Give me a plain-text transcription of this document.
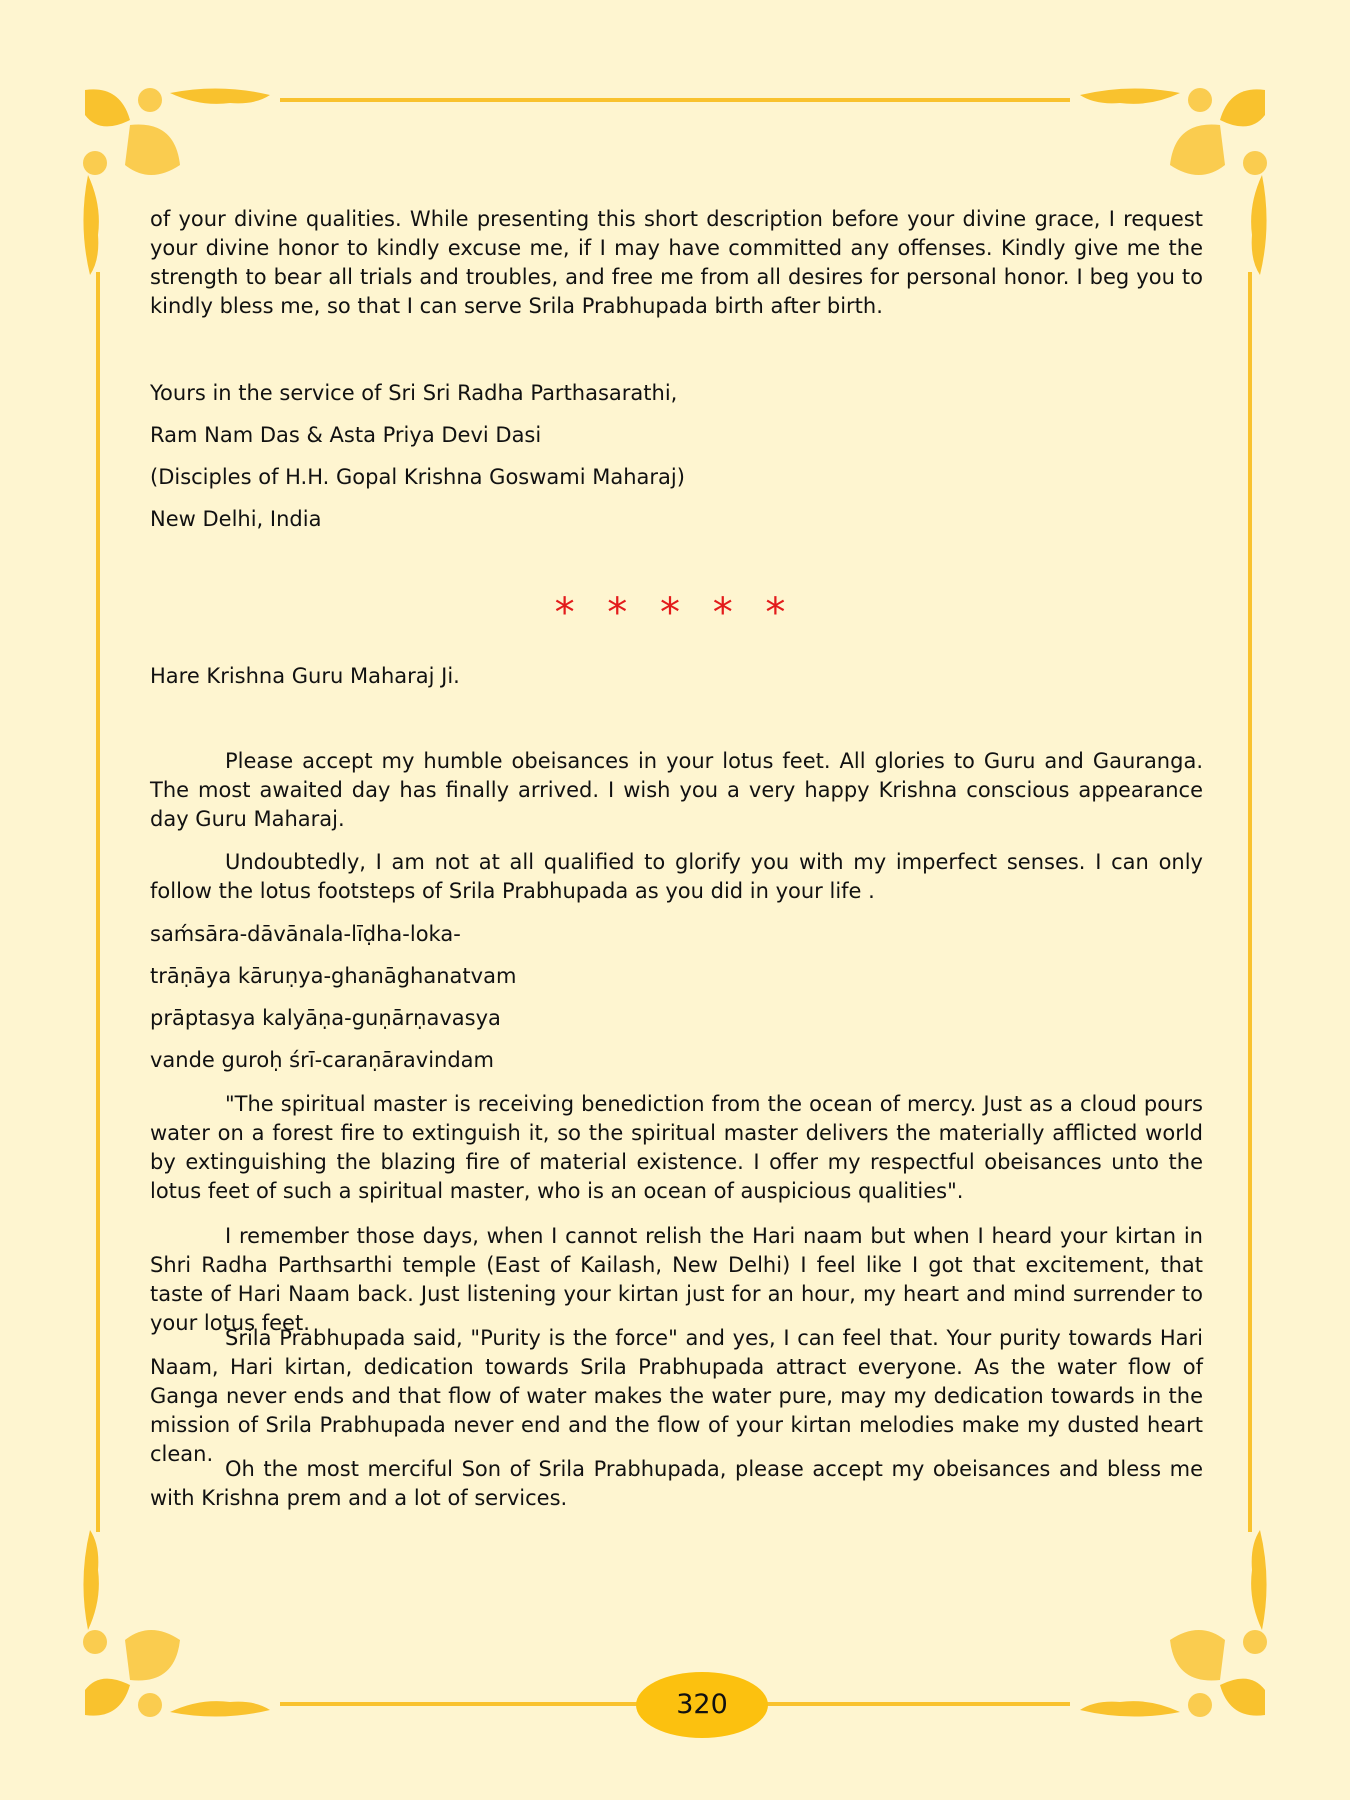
of your divine qualities. While presenting this short description before your divine grace, I request your divine honor to kindly excuse me, if I may have committed any offenses. Kindly give me the strength to bear all trials and troubles, and free me from all desires for personal honor. I beg you to kindly bless me, so that I can serve Srila Prabhupada birth after birth.
Yours in the service of Sri Sri Radha Parthasarathi,
Ram Nam Das & Asta Priya Devi Dasi
(Disciples of H.H. Gopal Krishna Goswami Maharaj)
New Delhi, India
* * * * *
Hare Krishna Guru Maharaj Ji.
Please accept my humble obeisances in your lotus feet. All glories to Guru and Gauranga. The most awaited day has finally arrived. I wish you a very happy Krishna conscious appearance day Guru Maharaj.
Undoubtedly, I am not at all qualified to glorify you with my imperfect senses. I can only follow the lotus footsteps of Srila Prabhupada as you did in your life .
saḿsāra-dāvānala-līḍha-loka-
trāṇāya kāruṇya-ghanāghanatvam
prāptasya kalyāṇa-guṇārṇavasya
vande guroḥ śrī-caraṇāravindam
"The spiritual master is receiving benediction from the ocean of mercy. Just as a cloud pours water on a forest fire to extinguish it, so the spiritual master delivers the materially afflicted world by extinguishing the blazing fire of material existence. I offer my respectful obeisances unto the lotus feet of such a spiritual master, who is an ocean of auspicious qualities".
I remember those days, when I cannot relish the Hari naam but when I heard your kirtan in Shri Radha Parthsarthi temple (East of Kailash, New Delhi) I feel like I got that excitement, that taste of Hari Naam back. Just listening your kirtan just for an hour, my heart and mind surrender to your lotus feet.
Srila Prabhupada said, "Purity is the force" and yes, I can feel that. Your purity towards Hari Naam, Hari kirtan, dedication towards Srila Prabhupada attract everyone. As the water flow of Ganga never ends and that flow of water makes the water pure, may my dedication towards in the mission of Srila Prabhupada never end and the flow of your kirtan melodies make my dusted heart clean.
Oh the most merciful Son of Srila Prabhupada, please accept my obeisances and bless me with Krishna prem and a lot of services.
320
